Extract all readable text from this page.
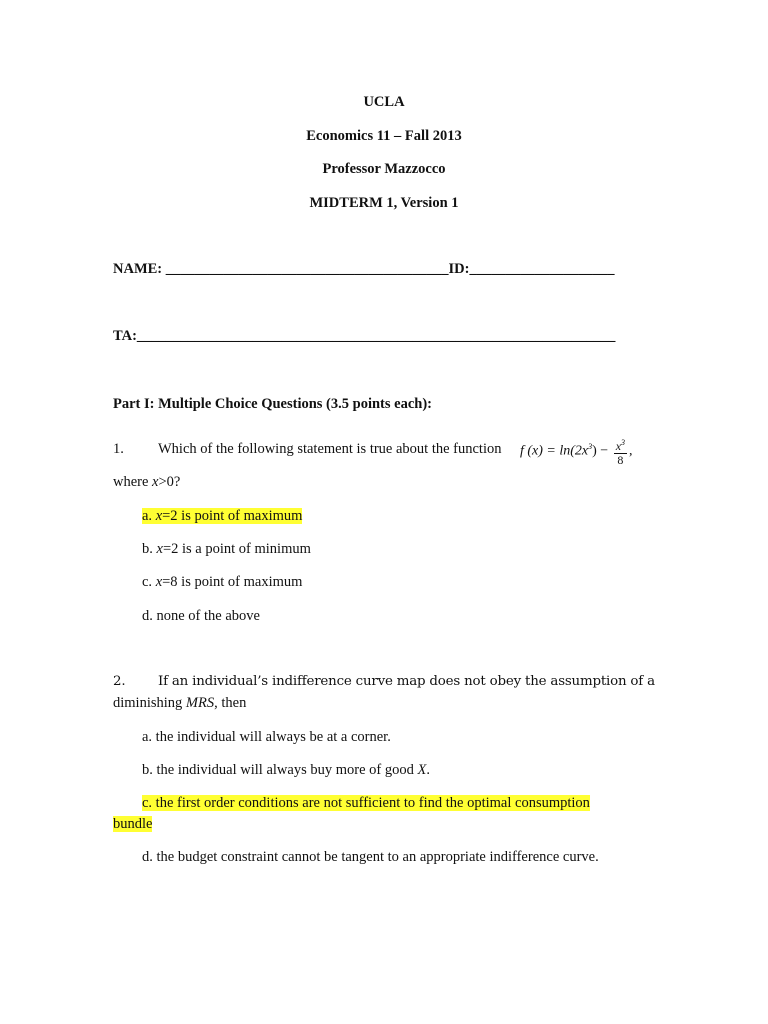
UCLA
Economics 11 – Fall 2013
Professor Mazzocco
MIDTERM 1, Version 1
NAME: _______________________________________ID:____________________
TA:__________________________________________________________________
Part I: Multiple Choice Questions (3.5 points each):
1. Which of the following statement is true about the function f $(x) = \ln(2x^3) - \frac{x^3}{8}$ ,
where x>0?
a. x=2 is point of maximum
b. x=2 is a point of minimum
c. x=8 is point of maximum
d. none of the above
2. If an individual’s indifference curve map does not obey the assumption of a
diminishing MRS, then
a. the individual will always be at a corner.
b. the individual will always buy more of good X.
c. the first order conditions are not sufficient to find the optimal consumption
bundle
d. the budget constraint cannot be tangent to an appropriate indifference curve.
